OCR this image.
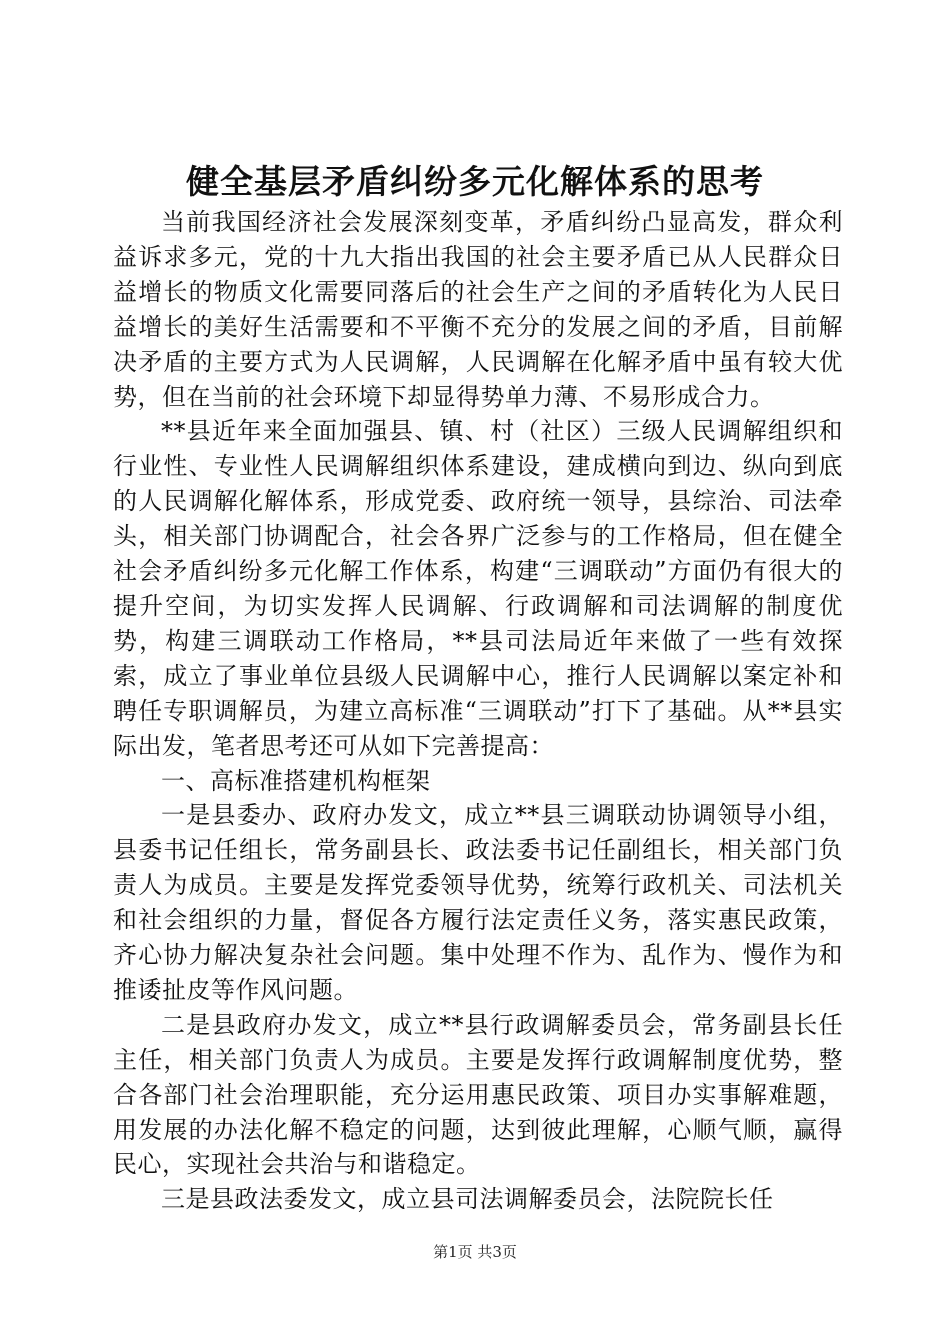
健全基层矛盾纠纷多元化解体系的思考

当前我国经济社会发展深刻变革，矛盾纠纷凸显高发，群众利益诉求多元，党的十九大指出我国的社会主要矛盾已从人民群众日益增长的物质文化需要同落后的社会生产之间的矛盾转化为人民日益增长的美好生活需要和不平衡不充分的发展之间的矛盾，目前解决矛盾的主要方式为人民调解，人民调解在化解矛盾中虽有较大优势，但在当前的社会环境下却显得势单力薄、不易形成合力。

**县近年来全面加强县、镇、村（社区）三级人民调解组织和行业性、专业性人民调解组织体系建设，建成横向到边、纵向到底的人民调解化解体系，形成党委、政府统一领导，县综治、司法牵头，相关部门协调配合，社会各界广泛参与的工作格局，但在健全社会矛盾纠纷多元化解工作体系，构建“三调联动”方面仍有很大的提升空间，为切实发挥人民调解、行政调解和司法调解的制度优势，构建三调联动工作格局，**县司法局近年来做了一些有效探索，成立了事业单位县级人民调解中心，推行人民调解以案定补和聘任专职调解员，为建立高标准“三调联动”打下了基础。从**县实际出发，笔者思考还可从如下完善提高：

一、高标准搭建机构框架

一是县委办、政府办发文，成立**县三调联动协调领导小组，县委书记任组长，常务副县长、政法委书记任副组长，相关部门负责人为成员。主要是发挥党委领导优势，统筹行政机关、司法机关和社会组织的力量，督促各方履行法定责任义务，落实惠民政策，齐心协力解决复杂社会问题。集中处理不作为、乱作为、慢作为和推诿扯皮等作风问题。

二是县政府办发文，成立**县行政调解委员会，常务副县长任主任，相关部门负责人为成员。主要是发挥行政调解制度优势，整合各部门社会治理职能，充分运用惠民政策、项目办实事解难题，用发展的办法化解不稳定的问题，达到彼此理解，心顺气顺，赢得民心，实现社会共治与和谐稳定。

三是县政法委发文，成立县司法调解委员会，法院院长任

第1页 共3页
